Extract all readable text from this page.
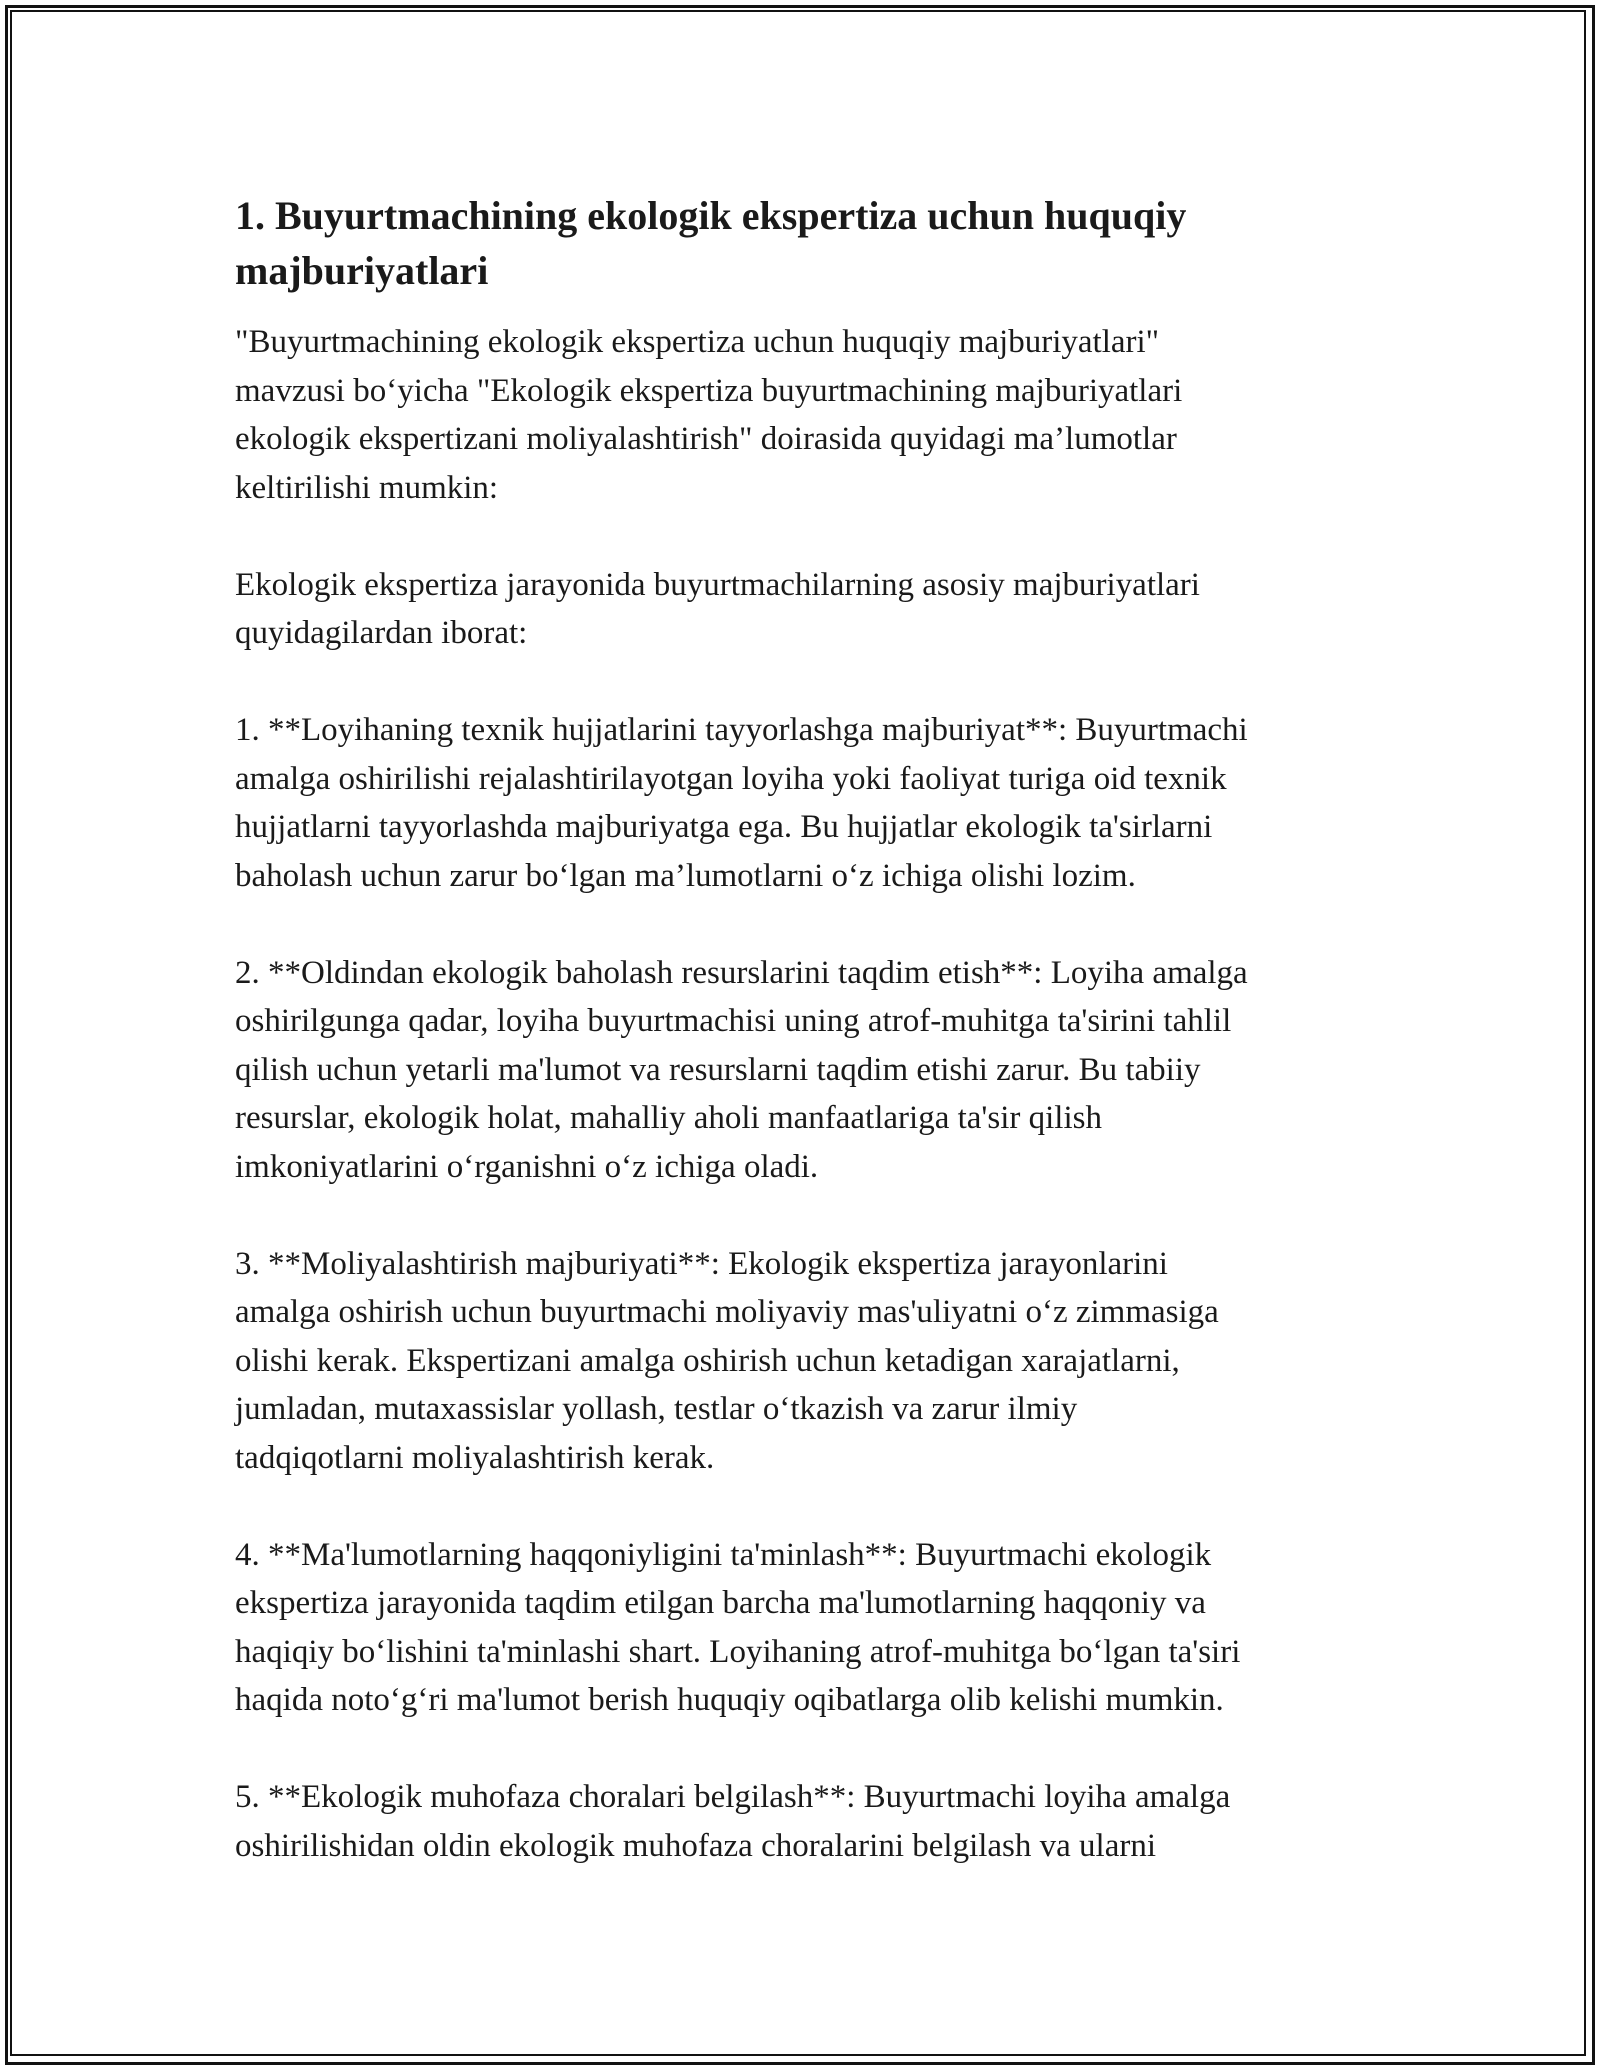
1. Buyurtmachining ekologik ekspertiza uchun huquqiy
majburiyatlari

"Buyurtmachining ekologik ekspertiza uchun huquqiy majburiyatlari"
mavzusi bo‘yicha "Ekologik ekspertiza buyurtmachining majburiyatlari
ekologik ekspertizani moliyalashtirish" doirasida quyidagi ma’lumotlar
keltirilishi mumkin:

Ekologik ekspertiza jarayonida buyurtmachilarning asosiy majburiyatlari
quyidagilardan iborat:

1. **Loyihaning texnik hujjatlarini tayyorlashga majburiyat**: Buyurtmachi
amalga oshirilishi rejalashtirilayotgan loyiha yoki faoliyat turiga oid texnik
hujjatlarni tayyorlashda majburiyatga ega. Bu hujjatlar ekologik ta'sirlarni
baholash uchun zarur bo‘lgan ma’lumotlarni o‘z ichiga olishi lozim.

2. **Oldindan ekologik baholash resurslarini taqdim etish**: Loyiha amalga
oshirilgunga qadar, loyiha buyurtmachisi uning atrof-muhitga ta'sirini tahlil
qilish uchun yetarli ma'lumot va resurslarni taqdim etishi zarur. Bu tabiiy
resurslar, ekologik holat, mahalliy aholi manfaatlariga ta'sir qilish
imkoniyatlarini o‘rganishni o‘z ichiga oladi.

3. **Moliyalashtirish majburiyati**: Ekologik ekspertiza jarayonlarini
amalga oshirish uchun buyurtmachi moliyaviy mas'uliyatni o‘z zimmasiga
olishi kerak. Ekspertizani amalga oshirish uchun ketadigan xarajatlarni,
jumladan, mutaxassislar yollash, testlar o‘tkazish va zarur ilmiy
tadqiqotlarni moliyalashtirish kerak.

4. **Ma'lumotlarning haqqoniyligini ta'minlash**: Buyurtmachi ekologik
ekspertiza jarayonida taqdim etilgan barcha ma'lumotlarning haqqoniy va
haqiqiy bo‘lishini ta'minlashi shart. Loyihaning atrof-muhitga bo‘lgan ta'siri
haqida noto‘g‘ri ma'lumot berish huquqiy oqibatlarga olib kelishi mumkin.

5. **Ekologik muhofaza choralari belgilash**: Buyurtmachi loyiha amalga
oshirilishidan oldin ekologik muhofaza choralarini belgilash va ularni
